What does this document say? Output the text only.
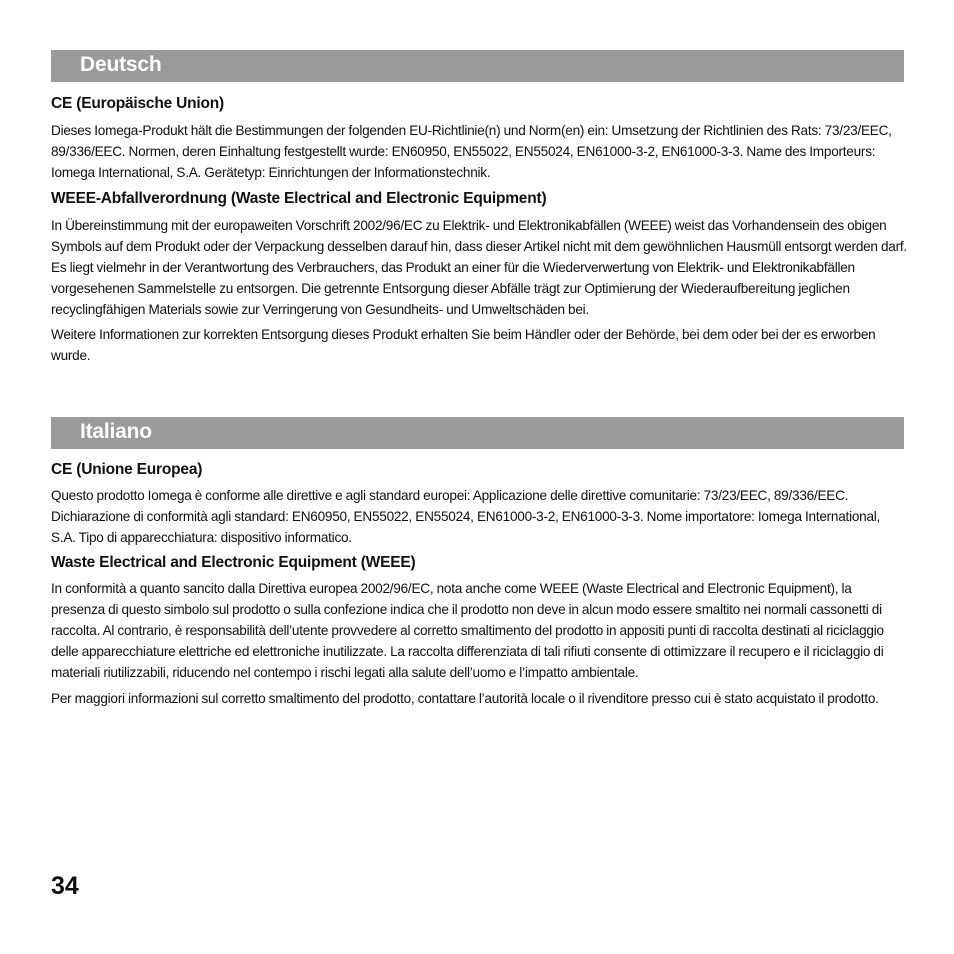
Deutsch
CE (Europäische Union)

Dieses Iomega-Produkt hält die Bestimmungen der folgenden EU-Richtlinie(n) und Norm(en) ein: Umsetzung der Richtlinien des Rats: 73/23/EEC, 89/336/EEC. Normen, deren Einhaltung festgestellt wurde: EN60950, EN55022, EN55024, EN61000-3-2, EN61000-3-3. Name des Importeurs: Iomega International, S.A. Gerätetyp: Einrichtungen der Informationstechnik.

WEEE-Abfallverordnung (Waste Electrical and Electronic Equipment)

In Übereinstimmung mit der europaweiten Vorschrift 2002/96/EC zu Elektrik- und Elektronikabfällen (WEEE) weist das Vorhandensein des obigen Symbols auf dem Produkt oder der Verpackung desselben darauf hin, dass dieser Artikel nicht mit dem gewöhnlichen Hausmüll entsorgt werden darf. Es liegt vielmehr in der Verantwortung des Verbrauchers, das Produkt an einer für die Wiederverwertung von Elektrik- und Elektronikabfällen vorgesehenen Sammelstelle zu entsorgen. Die getrennte Entsorgung dieser Abfälle trägt zur Optimierung der Wiederaufbereitung jeglichen recyclingfähigen Materials sowie zur Verringerung von Gesundheits- und Umweltschäden bei.

Weitere Informationen zur korrekten Entsorgung dieses Produkt erhalten Sie beim Händler oder der Behörde, bei dem oder bei der es erworben wurde.

Italiano
CE (Unione Europea)

Questo prodotto Iomega è conforme alle direttive e agli standard europei: Applicazione delle direttive comunitarie: 73/23/EEC, 89/336/EEC. Dichiarazione di conformità agli standard: EN60950, EN55022, EN55024, EN61000-3-2, EN61000-3-3. Nome importatore: Iomega International, S.A. Tipo di apparecchiatura: dispositivo informatico.

Waste Electrical and Electronic Equipment (WEEE)

In conformità a quanto sancito dalla Direttiva europea 2002/96/EC, nota anche come WEEE (Waste Electrical and Electronic Equipment), la presenza di questo simbolo sul prodotto o sulla confezione indica che il prodotto non deve in alcun modo essere smaltito nei normali cassonetti di raccolta. Al contrario, è responsabilità dell’utente provvedere al corretto smaltimento del prodotto in appositi punti di raccolta destinati al riciclaggio delle apparecchiature elettriche ed elettroniche inutilizzate. La raccolta differenziata di tali rifiuti consente di ottimizzare il recupero e il riciclaggio di materiali riutilizzabili, riducendo nel contempo i rischi legati alla salute dell’uomo e l’impatto ambientale.

Per maggiori informazioni sul corretto smaltimento del prodotto, contattare l’autorità locale o il rivenditore presso cui è stato acquistato il prodotto.

34
